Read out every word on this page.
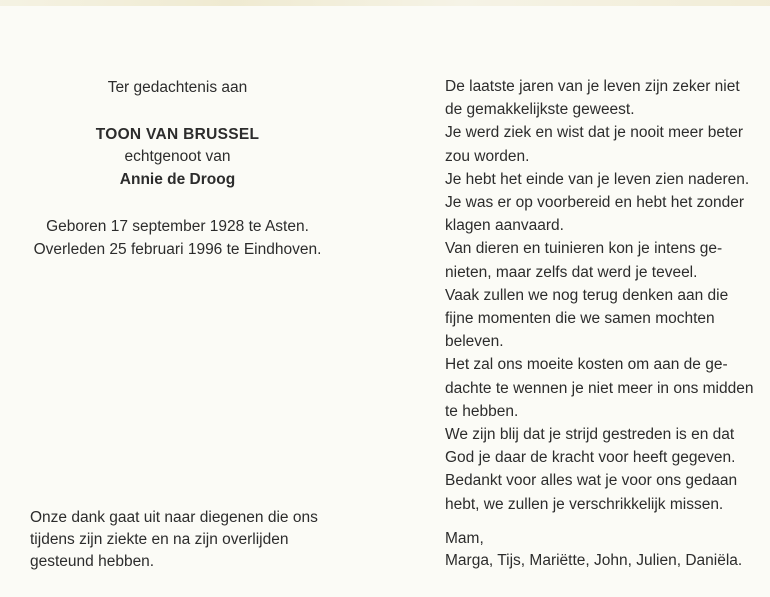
Ter gedachtenis aan
TOON VAN BRUSSEL
echtgenoot van
Annie de Droog
Geboren 17 september 1928 te Asten.
Overleden 25 februari 1996 te Eindhoven.
Onze dank gaat uit naar diegenen die ons
tijdens zijn ziekte en na zijn overlijden
gesteund hebben.
De laatste jaren van je leven zijn zeker niet
de gemakkelijkste geweest.
Je werd ziek en wist dat je nooit meer beter
zou worden.
Je hebt het einde van je leven zien naderen.
Je was er op voorbereid en hebt het zonder
klagen aanvaard.
Van dieren en tuinieren kon je intens ge-
nieten, maar zelfs dat werd je teveel.
Vaak zullen we nog terug denken aan die
fijne momenten die we samen mochten
beleven.
Het zal ons moeite kosten om aan de ge-
dachte te wennen je niet meer in ons midden
te hebben.
We zijn blij dat je strijd gestreden is en dat
God je daar de kracht voor heeft gegeven.
Bedankt voor alles wat je voor ons gedaan
hebt, we zullen je verschrikkelijk missen.
Mam,
Marga, Tijs, Mariëtte, John, Julien, Daniëla.
